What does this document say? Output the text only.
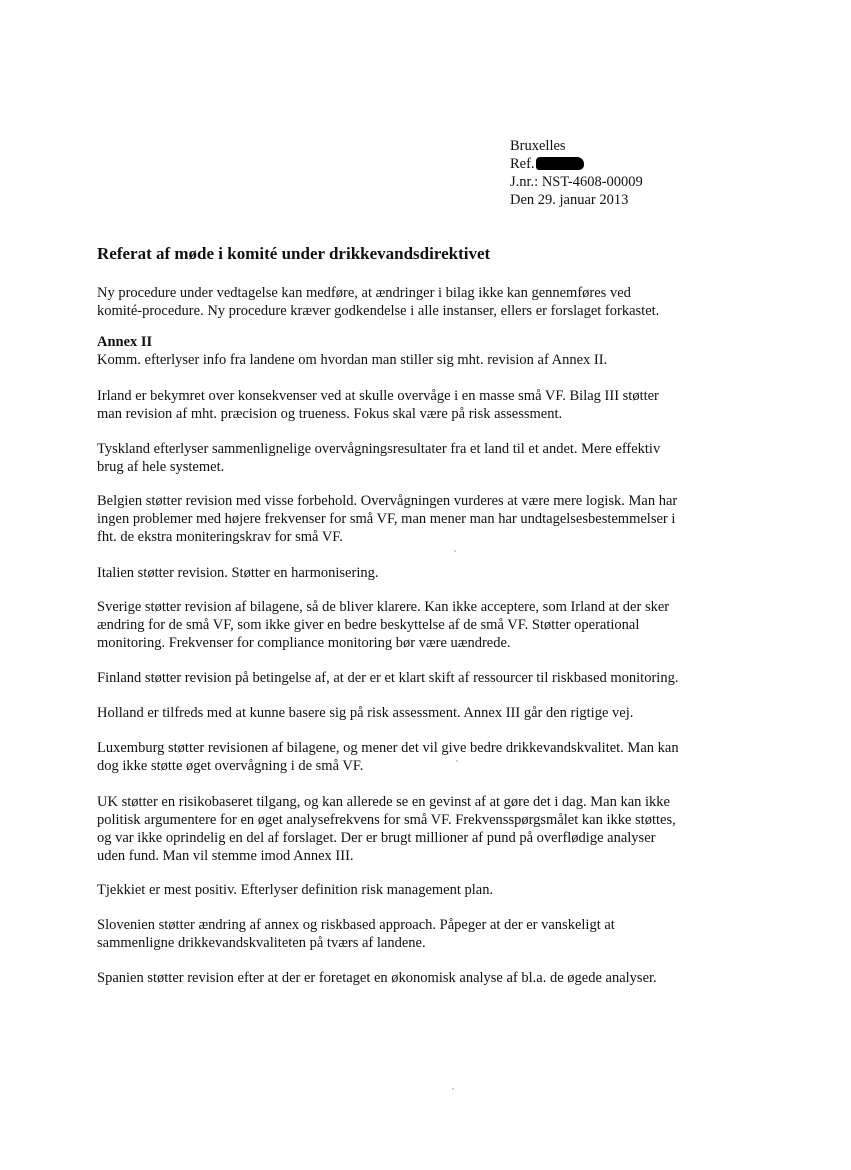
Bruxelles
Ref.
J.nr.: NST-4608-00009
Den 29. januar 2013
Referat af møde i komité under drikkevandsdirektivet
Ny procedure under vedtagelse kan medføre, at ændringer i bilag ikke kan gennemføres ved
komité-procedure. Ny procedure kræver godkendelse i alle instanser, ellers er forslaget forkastet.
Annex II
Komm. efterlyser info fra landene om hvordan man stiller sig mht. revision af Annex II.
Irland er bekymret over konsekvenser ved at skulle overvåge i en masse små VF. Bilag III støtter
man revision af mht. præcision og trueness. Fokus skal være på risk assessment.
Tyskland efterlyser sammenlignelige overvågningsresultater fra et land til et andet. Mere effektiv
brug af hele systemet.
Belgien støtter revision med visse forbehold. Overvågningen vurderes at være mere logisk. Man har
ingen problemer med højere frekvenser for små VF, man mener man har undtagelsesbestemmelser i
fht. de ekstra moniteringskrav for små VF.
Italien støtter revision. Støtter en harmonisering.
Sverige støtter revision af bilagene, så de bliver klarere. Kan ikke acceptere, som Irland at der sker
ændring for de små VF, som ikke giver en bedre beskyttelse af de små VF. Støtter operational
monitoring. Frekvenser for compliance monitoring bør være uændrede.
Finland støtter revision på betingelse af, at der er et klart skift af ressourcer til riskbased monitoring.
Holland er tilfreds med at kunne basere sig på risk assessment. Annex III går den rigtige vej.
Luxemburg støtter revisionen af bilagene, og mener det vil give bedre drikkevandskvalitet. Man kan
dog ikke støtte øget overvågning i de små VF.
UK støtter en risikobaseret tilgang, og kan allerede se en gevinst af at gøre det i dag. Man kan ikke
politisk argumentere for en øget analysefrekvens for små VF. Frekvensspørgsmålet kan ikke støttes,
og var ikke oprindelig en del af forslaget. Der er brugt millioner af pund på overflødige analyser
uden fund. Man vil stemme imod Annex III.
Tjekkiet er mest positiv. Efterlyser definition risk management plan.
Slovenien støtter ændring af annex og riskbased approach. Påpeger at der er vanskeligt at
sammenligne drikkevandskvaliteten på tværs af landene.
Spanien støtter revision efter at der er foretaget en økonomisk analyse af bl.a. de øgede analyser.
